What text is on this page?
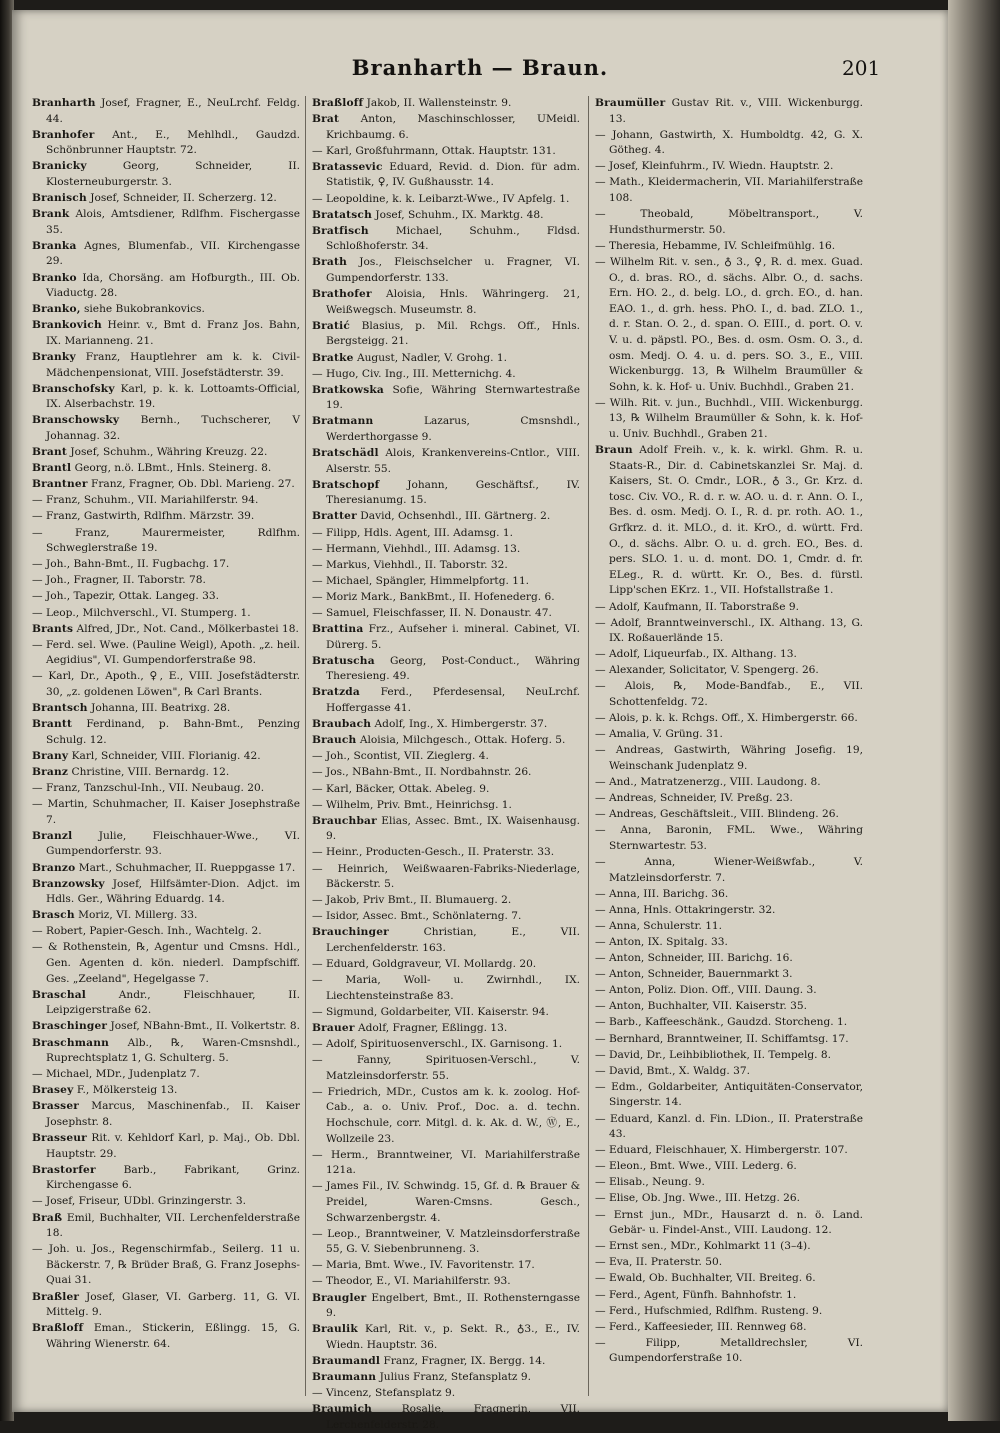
Branharth — Braun.	201

Branharth Josef, Fragner, E., NeuLrchf. Feldg. 44.

Branhofer Ant., E., Mehlhdl., Gaudzd. Schönbrunner Hauptstr. 72.

Branicky	Georg, Schneider, II. Klosterneuburgerstr. 3.

Branisch Josef, Schneider, II. Scherzerg. 12.

Brank Alois, Amtsdiener, Rdlfhm. Fischergasse 35.

Branka Agnes, Blumenfab., VII. Kirchengasse 29.

Branko Ida, Chorsäng. am Hofburgth., III. Ob. Viaductg. 28.

Branko, siehe Bukobrankovics.

Brankovich Heinr. v., Bmt d. Franz Jos. Bahn, IX. Marianneng. 21.

Branky Franz, Hauptlehrer am k. k. Civil-Mädchenpensionat, VIII. Josefstädterstr. 39.

Branschofsky Karl, p. k. k. Lottoamts-Official, IX. Alserbachstr. 19.

Branschowsky Bernh., Tuchscherer, V Johannag. 32.

Brant Josef, Schuhm., Währing Kreuzg. 22.

Brantl Georg, n.ö. LBmt., Hnls. Steinerg. 8.

Brantner Franz, Fragner, Ob. Dbl. Marieng. 27.

— Franz, Schuhm., VII. Mariahilferstr. 94.

— Franz, Gastwirth, Rdlfhm. Märzstr. 39.

— Franz, Maurermeister, Rdlfhm. Schweglerstraße 19.

— Joh., Bahn-Bmt., II. Fugbachg. 17.

— Joh., Fragner, II. Taborstr. 78.

— Joh., Tapezir, Ottak. Langeg. 33.

— Leop., Milchverschl., VI. Stumperg. 1.

Brants Alfred, JDr., Not. Cand., Mölkerbastei 18.

— Ferd. sel. Wwe. (Pauline Weigl), Apoth. „z. heil. Aegidius", VI. Gumpendorferstraße 98.

— Karl, Dr., Apoth., ♀, E., VIII. Josefstädterstr. 30, „z. goldenen Löwen", ℞ Carl Brants.

Brantsch Johanna, III. Beatrixg. 28.

Brantt Ferdinand, p. Bahn-Bmt., Penzing Schulg. 12.

Brany Karl, Schneider, VIII. Florianig. 42.

Branz Christine, VIII. Bernardg. 12.

— Franz, Tanzschul-Inh., VII. Neubaug. 20.

— Martin, Schuhmacher, II. Kaiser Josephstraße 7.

Branzl Julie, Fleischhauer-Wwe., VI. Gumpendorferstr. 93.

Branzo Mart., Schuhmacher, II. Rueppgasse 17.

Branzowsky Josef, Hilfsämter-Dion. Adjct. im Hdls. Ger., Währing Eduardg. 14.

Brasch Moriz, VI. Millerg. 33.

— Robert, Papier-Gesch. Inh., Wachtelg. 2.

— & Rothenstein, ℞, Agentur und Cmsns. Hdl., Gen. Agenten d. kön. niederl. Dampfschiff. Ges. „Zeeland", Hegelgasse 7.

Braschal	Andr., Fleischhauer, II. Leipzigerstraße 62.

Braschinger Josef, NBahn-Bmt., II. Volkertstr. 8.

Braschmann Alb., ℞, Waren-Cmsnshdl., Ruprechtsplatz 1, G. Schulterg. 5.

— Michael, MDr., Judenplatz 7.

Brasey F., Mölkersteig 13.

Brasser Marcus, Maschinenfab., II. Kaiser Josephstr. 8.

Brasseur Rit. v. Kehldorf Karl, p. Maj., Ob. Dbl. Hauptstr. 29.

Brastorfer	Barb., Fabrikant, Grinz. Kirchengasse 6.

— Josef, Friseur, UDbl. Grinzingerstr. 3.

Braß Emil, Buchhalter, VII. Lerchenfelderstraße 18.

— Joh. u. Jos., Regenschirmfab., Seilerg. 11 u. Bäckerstr. 7, ℞ Brüder Braß, G. Franz Josephs-Quai 31.

Braßler Josef, Glaser, VI. Garberg. 11, G. VI. Mittelg. 9.

Braßloff Eman., Stickerin, Eßlingg. 15, G. Währing Wienerstr. 64.

Braßloff Jakob, II. Wallensteinstr. 9.

Brat Anton, Maschinschlosser, UMeidl. Krichbaumg. 6.

— Karl, Großfuhrmann, Ottak. Hauptstr. 131.

Bratassevic Eduard, Revid. d. Dion. für adm. Statistik, ♀, IV. Gußhausstr. 14.

— Leopoldine, k. k. Leibarzt-Wwe., IV Apfelg. 1.

Bratatsch Josef, Schuhm., IX. Marktg. 48.

Bratfisch	Michael, Schuhm., Fldsd. Schloßhoferstr. 34.

Brath Jos., Fleischselcher u. Fragner, VI. Gumpendorferstr. 133.

Brathofer Aloisia, Hnls. Währingerg. 21, Weißwegsch. Museumstr. 8.

Bratić Blasius, p. Mil. Rchgs. Off., Hnls. Bergsteigg. 21.

Bratke August, Nadler, V. Grohg. 1.

— Hugo, Civ. Ing., III. Metternichg. 4.

Bratkowska Sofie, Währing Sternwartestraße 19.

Bratmann	Lazarus, Cmsnshdl., Werderthorgasse 9.

Bratschädl Alois, Krankenvereins-Cntlor., VIII. Alserstr. 55.

Bratschopf	Johann, Geschäftsf., IV. Theresianumg. 15.

Bratter David, Ochsenhdl., III. Gärtnerg. 2.

— Filipp, Hdls. Agent, III. Adamsg. 1.

— Hermann, Viehhdl., III. Adamsg. 13.

— Markus, Viehhdl., II. Taborstr. 32.

— Michael, Spängler, Himmelpfortg. 11.

— Moriz Mark., BankBmt., II. Hofenederg. 6.

— Samuel, Fleischfasser, II. N. Donaustr. 47.

Brattina Frz., Aufseher i. mineral. Cabinet, VI. Dürerg. 5.

Bratuscha Georg, Post-Conduct., Währing Theresieng. 49.

Bratzda Ferd., Pferdesensal, NeuLrchf. Hoffergasse 41.

Braubach Adolf, Ing., X. Himbergerstr. 37.

Brauch Aloisia, Milchgesch., Ottak. Hoferg. 5.

— Joh., Scontist, VII. Zieglerg. 4.

— Jos., NBahn-Bmt., II. Nordbahnstr. 26.

— Karl, Bäcker, Ottak. Abeleg. 9.

— Wilhelm, Priv. Bmt., Heinrichsg. 1.

Brauchbar Elias, Assec. Bmt., IX. Waisenhausg. 9.

— Heinr., Producten-Gesch., II. Praterstr. 33.

— Heinrich, Weißwaaren-Fabriks-Niederlage, Bäckerstr. 5.

— Jakob, Priv Bmt., II. Blumauerg. 2.

— Isidor, Assec. Bmt., Schönlaterng. 7.

Brauchinger	Christian, E., VII. Lerchenfelderstr. 163.

— Eduard, Goldgraveur, VI. Mollardg. 20.

— Maria, Woll- u. Zwirnhdl., IX. Liechtensteinstraße 83.

— Sigmund, Goldarbeiter, VII. Kaiserstr. 94.

Brauer Adolf, Fragner, Eßlingg. 13.

— Adolf, Spirituosenverschl., IX. Garnisong. 1.

— Fanny, Spirituosen-Verschl., V. Matzleinsdorferstr. 55.

— Friedrich, MDr., Custos am k. k. zoolog. Hof-Cab., a. o. Univ. Prof., Doc. a. d. techn. Hochschule, corr. Mitgl. d. k. Ak. d. W., Ⓦ, E., Wollzeile 23.

— Herm., Branntweiner, VI. Mariahilferstraße 121a.

— James Fil., IV. Schwindg. 15, Gf. d. ℞ Brauer & Preidel, Waren-Cmsns. Gesch., Schwarzenbergstr. 4.

— Leop., Branntweiner, V. Matzleinsdorferstraße 55, G. V. Siebenbrunneng. 3.

— Maria, Bmt. Wwe., IV. Favoritenstr. 17.

— Theodor, E., VI. Mariahilferstr. 93.

Braugler Engelbert, Bmt., II. Rothensterngasse 9.

Braulik Karl, Rit. v., p. Sekt. R., ♁3., E., IV. Wiedn. Hauptstr. 36.

Braumandl Franz, Fragner, IX. Bergg. 14.

Braumann Julius Franz, Stefansplatz 9.

— Vincenz, Stefansplatz 9.

Braumich	Rosalie, Fragnerin, VII. Lerchenfelderstr. 28.

Braumüller Gustav Rit. v., VIII. Wickenburgg. 13.

— Johann, Gastwirth, X. Humboldtg. 42, G. X. Götheg. 4.

— Josef, Kleinfuhrm., IV. Wiedn. Hauptstr. 2.

— Math., Kleidermacherin, VII. Mariahilferstraße 108.

— Theobald, Möbeltransport., V. Hundsthurmerstr. 50.

— Theresia, Hebamme, IV. Schleifmühlg. 16.

— Wilhelm Rit. v. sen., ♁ 3., ♀, R. d. mex. Guad. O., d. bras. RO., d. sächs. Albr. O., d. sachs. Ern. HO. 2., d. belg. LO., d. grch. EO., d. han. EAO. 1., d. grh. hess. PhO. I., d. bad. ZLO. 1., d. r. Stan. O. 2., d. span. O. EIII., d. port. O. v. V. u. d. päpstl. PO., Bes. d. osm. Osm. O. 3., d. osm. Medj. O. 4. u. d. pers. SO. 3., E., VIII. Wickenburgg. 13, ℞ Wilhelm Braumüller & Sohn, k. k. Hof- u. Univ. Buchhdl., Graben 21.

— Wilh. Rit. v. jun., Buchhdl., VIII. Wickenburgg. 13, ℞ Wilhelm Braumüller & Sohn, k. k. Hof- u. Univ. Buchhdl., Graben 21.

Braun Adolf Freih. v., k. k. wirkl. Ghm. R. u. Staats-R., Dir. d. Cabinetskanzlei Sr. Maj. d. Kaisers, St. O. Cmdr., LOR., ♁ 3., Gr. Krz. d. tosc. Civ. VO., R. d. r. w. AO. u. d. r. Ann. O. I., Bes. d. osm. Medj. O. I., R. d. pr. roth. AO. 1., Grfkrz. d. it. MLO., d. it. KrO., d. württ. Frd. O., d. sächs. Albr. O. u. d. grch. EO., Bes. d. pers. SLO. 1. u. d. mont. DO. 1, Cmdr. d. fr. ELeg., R. d. württ. Kr. O., Bes. d. fürstl. Lipp'schen EKrz. 1., VII. Hofstallstraße 1.

— Adolf, Kaufmann, II. Taborstraße 9.

— Adolf, Branntweinverschl., IX. Althang. 13, G. IX. Roßauerlände 15.

— Adolf, Liqueurfab., IX. Althang. 13.

— Alexander, Solicitator, V. Spengerg. 26.

— Alois, ℞, Mode-Bandfab., E., VII. Schottenfeldg. 72.

— Alois, p. k. k. Rchgs. Off., X. Himbergerstr. 66.

— Amalia, V. Grüng. 31.

— Andreas, Gastwirth, Währing Josefig. 19, Weinschank Judenplatz 9.

— And., Matratzenerzg., VIII. Laudong. 8.

— Andreas, Schneider, IV. Preßg. 23.

— Andreas, Geschäftsleit., VIII. Blindeng. 26.

— Anna, Baronin, FML. Wwe., Währing Sternwartestr. 53.

— Anna, Wiener-Weißwfab., V. Matzleinsdorferstr. 7.

— Anna, III. Barichg. 36.

— Anna, Hnls. Ottakringerstr. 32.

— Anna, Schulerstr. 11.

— Anton, IX. Spitalg. 33.

— Anton, Schneider, III. Barichg. 16.

— Anton, Schneider, Bauernmarkt 3.

— Anton, Poliz. Dion. Off., VIII. Daung. 3.

— Anton, Buchhalter, VII. Kaiserstr. 35.

— Barb., Kaffeeschänk., Gaudzd. Storcheng. 1.

— Bernhard, Branntweiner, II. Schiffamtsg. 17.

— David, Dr., Leihbibliothek, II. Tempelg. 8.

— David, Bmt., X. Waldg. 37.

— Edm., Goldarbeiter, Antiquitäten-Conservator, Singerstr. 14.

— Eduard, Kanzl. d. Fin. LDion., II. Praterstraße 43.

— Eduard, Fleischhauer, X. Himbergerstr. 107.

— Eleon., Bmt. Wwe., VIII. Lederg. 6.

— Elisab., Neung. 9.

— Elise, Ob. Jng. Wwe., III. Hetzg. 26.

— Ernst jun., MDr., Hausarzt d. n. ö. Land. Gebär- u. Findel-Anst., VIII. Laudong. 12.

— Ernst sen., MDr., Kohlmarkt 11 (3–4).

— Eva, II. Praterstr. 50.

— Ewald, Ob. Buchhalter, VII. Breiteg. 6.

— Ferd., Agent, Fünfh. Bahnhofstr. 1.

— Ferd., Hufschmied, Rdlfhm. Rusteng. 9.

— Ferd., Kaffeesieder, III. Rennweg 68.

— Filipp, Metalldrechsler, VI. Gumpendorferstraße 10.
